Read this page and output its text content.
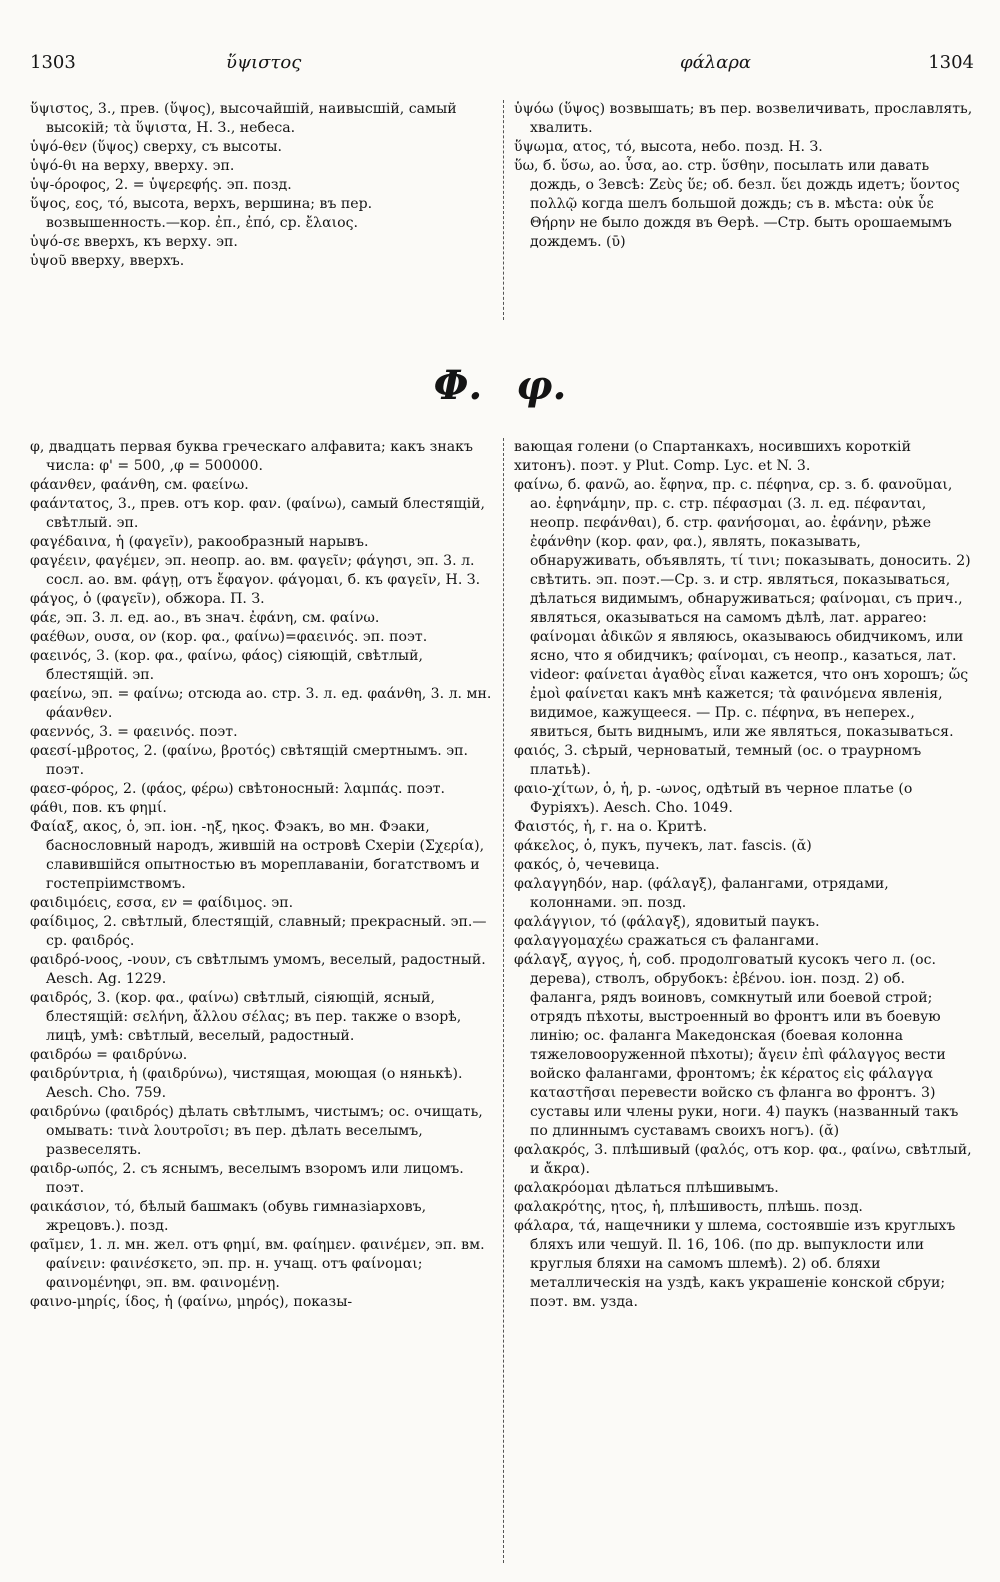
1303	ὕψιστος	φάλαρα	1304

ὕψιστος, 3., прев. (ὕψος), высочайшій, наивысшій, самый высокій; τὰ ὕψιστα, Н. З., небеса.

ὑψό-θεν (ὕψος) сверху, съ высоты.

ὑψό-θι на верху, вверху. эп.

ὑψ-όροφος, 2. = ὑψερεφής. эп. позд.

ὕψος, εος, τό, высота, верхъ, вершина; въ пер. возвышенность.—кор. ἐπ., ἐπό, ср. ἔλαιος.

ὑψό-σε вверхъ, къ верху. эп.

ὑψοῦ вверху, вверхъ.

ὑψόω (ὕψος) возвышать; въ пер. возвеличивать, прославлять, хвалить.

ὕψωμα, ατος, τό, высота, небо. позд. Н. З.

ὕω, б. ὕσω, ао. ὗσα, ао. стр. ὕσθην, посылать или давать дождь, о Зевсѣ: Ζεὺς ὕε; об. безл. ὕει дождь идетъ; ὕοντος πολλῷ когда шелъ большой дождь; съ в. мѣста: οὐκ ὗε Θήρην не было дождя въ Өерѣ. —Стр. быть орошаемымъ дождемъ. (ῡ)

Φ. φ.

φ, двадцать первая буква греческаго алфавита; какъ знакъ числа: φ' = 500, ,φ = 500000.

φάανθεν, φαάνθη, см. φαείνω.

φαάντατος, 3., прев. отъ кор. φαν. (φαίνω), самый блестящій, свѣтлый. эп.

φαγέδαινα, ἡ (φαγεῖν), ракообразный нарывъ.

φαγέειν, φαγέμεν, эп. неопр. ао. вм. φαγεῖν; φάγησι, эп. 3. л. сосл. ао. вм. φάγῃ, отъ ἔφαγον. φάγομαι, б. къ φαγεῖν, Н. З.

φάγος, ὁ (φαγεῖν), обжора. П. З.

φάε, эп. 3. л. ед. ао., въ знач. ἐφάνη, см. φαίνω.

φαέθων, ουσα, ον (кор. φα., φαίνω)=φαεινός. эп. поэт.

φαεινός, 3. (кор. φα., φαίνω, φάος) сіяющій, свѣтлый, блестящій. эп.

φαείνω, эп. = φαίνω; отсюда ао. стр. 3. л. ед. φαάνθη, 3. л. мн. φάανθεν.

φαεννός, 3. = φαεινός. поэт.

φαεσί-μβροτος, 2. (φαίνω, βροτός) свѣтящій смертнымъ. эп. поэт.

φαεσ-φόρος, 2. (φάος, φέρω) свѣтоносный: λαμπάς. поэт.

φάθι, пов. къ φημί.

Φαίαξ, ακος, ὁ, эп. іон. -ηξ, ηκος. Фэакъ, во мн. Фэаки, баснословный народъ, жившій на островѣ Схеріи (Σχερία), славившійся опытностью въ мореплаваніи, богатствомъ и гостепріимствомъ.

φαιδιμόεις, εσσα, εν = φαίδιμος. эп.

φαίδιμος, 2. свѣтлый, блестящій, славный; прекрасный. эп.—ср. φαιδρός.

φαιδρό-νοος, -νουν, съ свѣтлымъ умомъ, веселый, радостный. Aesch. Ag. 1229.

φαιδρός, 3. (кор. φα., φαίνω) свѣтлый, сіяющій, ясный, блестящій: σελήνη, ἄλλου σέλας; въ пер. также о взорѣ, лицѣ, умѣ: свѣтлый, веселый, радостный.

φαιδρόω = φαιδρύνω.

φαιδρύντρια, ἡ (φαιδρύνω), чистящая, моющая (о нянькѣ). Aesch. Cho. 759.

φαιδρύνω (φαιδρός) дѣлать свѣтлымъ, чистымъ; ос. очищать, омывать: τινὰ λουτροῖσι; въ пер. дѣлать веселымъ, развеселять.

φαιδρ-ωπός, 2. съ яснымъ, веселымъ взоромъ или лицомъ. поэт.

φαικάσιον, τό, бѣлый башмакъ (обувь гимназіарховъ, жрецовъ.). позд.

φαῖμεν, 1. л. мн. жел. отъ φημί, вм. φαίημεν. φαινέμεν, эп. вм. φαίνειν: φαινέσκετο, эп. пр. н. учащ. отъ φαίνομαι; φαινομένηφι, эп. вм. φαινομένῃ.

φαινο-μηρίς, ίδος, ἡ (φαίνω, μηρός), показы-

вающая голени (о Спартанкахъ, носившихъ короткій хитонъ). поэт. у Plut. Comp. Lyc. et N. 3.

φαίνω, б. φανῶ, ао. ἔφηνα, пр. с. πέφηνα, ср. з. б. φανοῦμαι, ао. ἐφηνάμην, пр. с. стр. πέφασμαι (3. л. ед. πέφανται, неопр. πεφάνθαι), б. стр. φανήσομαι, ао. ἐφάνην, рѣже ἐφάνθην (кор. φαν, φα.), являть, показывать, обнаруживать, объявлять, τί τινι; показывать, доносить. 2) свѣтить. эп. поэт.—Ср. з. и стр. являться, показываться, дѣлаться видимымъ, обнаруживаться; φαίνομαι, съ прич., являться, оказываться на самомъ дѣлѣ, лат. apparеo: φαίνομαι ἀδικῶν я являюсь, оказываюсь обидчикомъ, или ясно, что я обидчикъ; φαίνομαι, съ неопр., казаться, лат. videor: φαίνεται ἀγαθὸς εἶναι кажется, что онъ хорошъ; ὥς ἐμοὶ φαίνεται какъ мнѣ кажется; τὰ φαινόμενα явленія, видимое, кажущееся. — Пр. с. πέφηνα, въ неперех., явиться, быть виднымъ, или же являться, показываться.

φαιός, 3. сѣрый, черноватый, темный (ос. о траурномъ платьѣ).

φαιο-χίτων, ὁ, ἡ, р. -ωνος, одѣтый въ черное платье (о Фуріяхъ). Aesch. Cho. 1049.

Φαιστός, ἡ, г. на о. Критѣ.

φάκελος, ὁ, пукъ, пучекъ, лат. fascis. (ᾰ)

φακός, ὁ, чечевица.

φαλαγγηδόν, нар. (φάλαγξ), фалангами, отрядами, колоннами. эп. позд.

φαλάγγιον, τό (φάλαγξ), ядовитый паукъ.

φαλαγγομαχέω сражаться съ фалангами.

φάλαγξ, αγγος, ἡ, соб. продолговатый кусокъ чего л. (ос. дерева), стволъ, обрубокъ: ἐβένου. іон. позд. 2) об. фаланга, рядъ воиновъ, сомкнутый или боевой строй; отрядъ пѣхоты, выстроенный во фронтъ или въ боевую линію; ос. фаланга Македонская (боевая колонна тяжеловооруженной пѣхоты); ἄγειν ἐπὶ φάλαγγος вести войско фалангами, фронтомъ; ἐκ κέρατος εἰς φάλαγγα καταστῆσαι перевести войско съ фланга во фронтъ. 3) суставы или члены руки, ноги. 4) паукъ (названный такъ по длиннымъ суставамъ своихъ ногъ). (ᾰ)

φαλακρός, 3. плѣшивый (φαλός, отъ кор. φα., φαίνω, свѣтлый, и ἄκρα).

φαλακρόομαι дѣлаться плѣшивымъ.

φαλακρότης, ητος, ἡ, плѣшивость, плѣшь. позд.

φάλαρα, τά, нащечники у шлема, состоявшіе изъ круглыхъ бляхъ или чешуй. Il. 16, 106. (по др. выпуклости или круглыя бляхи на самомъ шлемѣ). 2) об. бляхи металлическія на уздѣ, какъ украшеніе конской сбруи; поэт. вм. узда.
